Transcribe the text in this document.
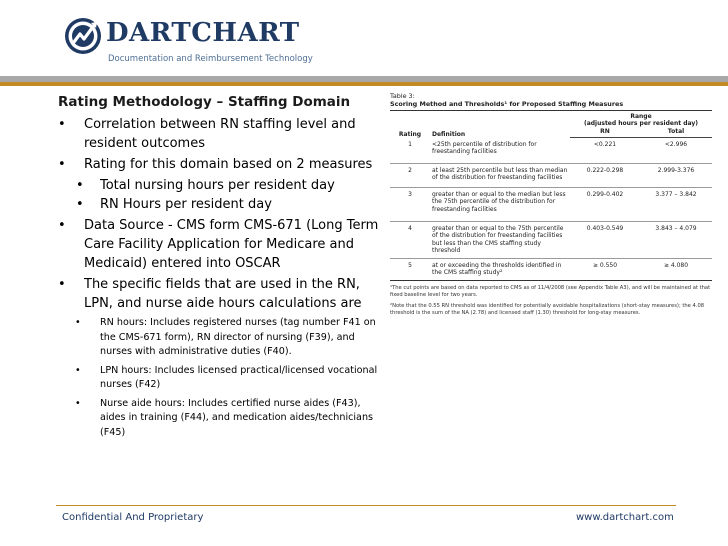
DARTCHART
Documentation and Reimbursement Technology
Rating Methodology – Staffing Domain
• Correlation between RN staffing level and resident outcomes
• Rating for this domain based on 2 measures
• Total nursing hours per resident day
• RN Hours per resident day
• Data Source - CMS form CMS-671 (Long Term Care Facility Application for Medicare and Medicaid) entered into OSCAR
• The specific fields that are used in the RN, LPN, and nurse aide hours calculations are
• RN hours: Includes registered nurses (tag number F41 on the CMS-671 form), RN director of nursing (F39), and nurses with administrative duties (F40).
• LPN hours: Includes licensed practical/licensed vocational nurses (F42)
• Nurse aide hours: Includes certified nurse aides (F43), aides in training (F44), and medication aides/technicians (F45)
Table 3:
Scoring Method and Thresholds¹ for Proposed Staffing Measures
Rating	Definition	Range
(adjusted hours per resident day)	

		RN	Total
1	<25th percentile of distribution for freestanding facilities	<0.221	<2.996
2	at least 25th percentile but less than median of the distribution for freestanding facilities	0.222-0.298	2.999-3.376
3	greater than or equal to the median but less the 75th percentile of the distribution for freestanding facilities	0.299-0.402	3.377 – 3.842
4	greater than or equal to the 75th percentile of the distribution for freestanding facilities but less than the CMS staffing study threshold	0.403-0.549	3.843 – 4.079
5	at or exceeding the thresholds identified in the CMS staffing study²	≥ 0.550	≥ 4.080

¹The cut points are based on data reported to CMS as of 11/4/2008 (see Appendix Table A3), and will be maintained at that fixed baseline level for two years.

²Note that the 0.55 RN threshold was identified for potentially avoidable hospitalizations (short-stay measures); the 4.08 threshold is the sum of the NA (2.78) and licensed staff (1.30) threshold for long-stay measures.

Confidential And Proprietary	www.dartchart.com
